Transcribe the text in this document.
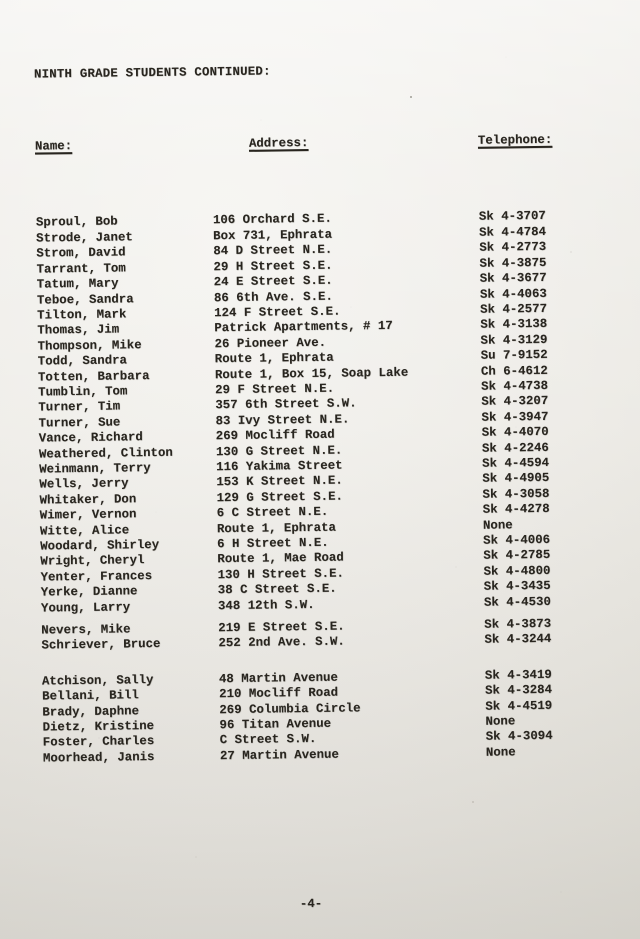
NINTH GRADE STUDENTS CONTINUED:

Name:	Address:	Telephone:

Sproul, Bob	106 Orchard S.E.	Sk 4-3707
Strode, Janet	Box 731, Ephrata	Sk 4-4784
Strom, David	84 D Street N.E.	Sk 4-2773
Tarrant, Tom	29 H Street S.E.	Sk 4-3875
Tatum, Mary	24 E Street S.E.	Sk 4-3677
Teboe, Sandra	86 6th Ave. S.E.	Sk 4-4063
Tilton, Mark	124 F Street S.E.	Sk 4-2577
Thomas, Jim	Patrick Apartments, # 17	Sk 4-3138
Thompson, Mike	26 Pioneer Ave.	Sk 4-3129
Todd, Sandra	Route 1, Ephrata	Su 7-9152
Totten, Barbara	Route 1, Box 15, Soap Lake	Ch 6-4612
Tumblin, Tom	29 F Street N.E.	Sk 4-4738
Turner, Tim	357 6th Street S.W.	Sk 4-3207
Turner, Sue	83 Ivy Street N.E.	Sk 4-3947
Vance, Richard	269 Mocliff Road	Sk 4-4070
Weathered, Clinton	130 G Street N.E.	Sk 4-2246
Weinmann, Terry	116 Yakima Street	Sk 4-4594
Wells, Jerry	153 K Street N.E.	Sk 4-4905
Whitaker, Don	129 G Street S.E.	Sk 4-3058
Wimer, Vernon	6 C Street N.E.	Sk 4-4278
Witte, Alice	Route 1, Ephrata	None
Woodard, Shirley	6 H Street N.E.	Sk 4-4006
Wright, Cheryl	Route 1, Mae Road	Sk 4-2785
Yenter, Frances	130 H Street S.E.	Sk 4-4800
Yerke, Dianne	38 C Street S.E.	Sk 4-3435
Young, Larry	348 12th S.W.	Sk 4-4530
Nevers, Mike	219 E Street S.E.	Sk 4-3873
Schriever, Bruce	252 2nd Ave. S.W.	Sk 4-3244
Atchison, Sally	48 Martin Avenue	Sk 4-3419
Bellani, Bill	210 Mocliff Road	Sk 4-3284
Brady, Daphne	269 Columbia Circle	Sk 4-4519
Dietz, Kristine	96 Titan Avenue	None
Foster, Charles	C Street S.W.	Sk 4-3094
Moorhead, Janis	27 Martin Avenue	None

-4-
